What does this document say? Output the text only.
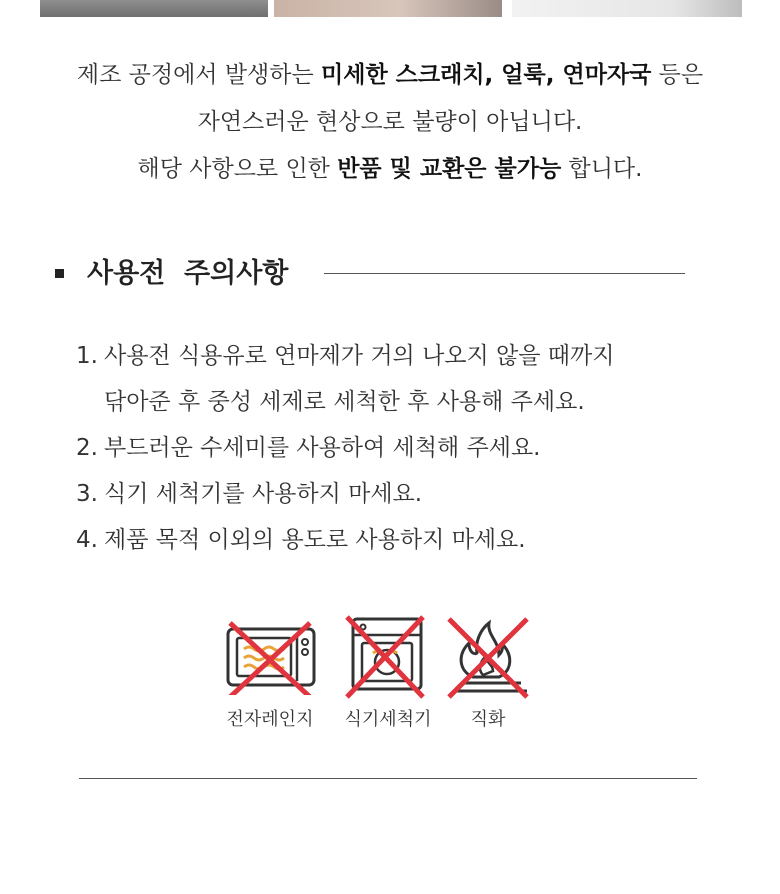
제조 공정에서 발생하는 미세한 스크래치, 얼룩, 연마자국 등은

자연스러운 현상으로 불량이 아닙니다.

해당 사항으로 인한 반품 및 교환은 불가능 합니다.

사용전  주의사항
1. 사용전 식용유로 연마제가 거의 나오지 않을 때까지
닦아준 후 중성 세제로 세척한 후 사용해 주세요.
2. 부드러운 수세미를 사용하여 세척해 주세요.
3. 식기 세척기를 사용하지 마세요.
4. 제품 목적 이외의 용도로 사용하지 마세요.
전자레인지	식기세척기	직화
